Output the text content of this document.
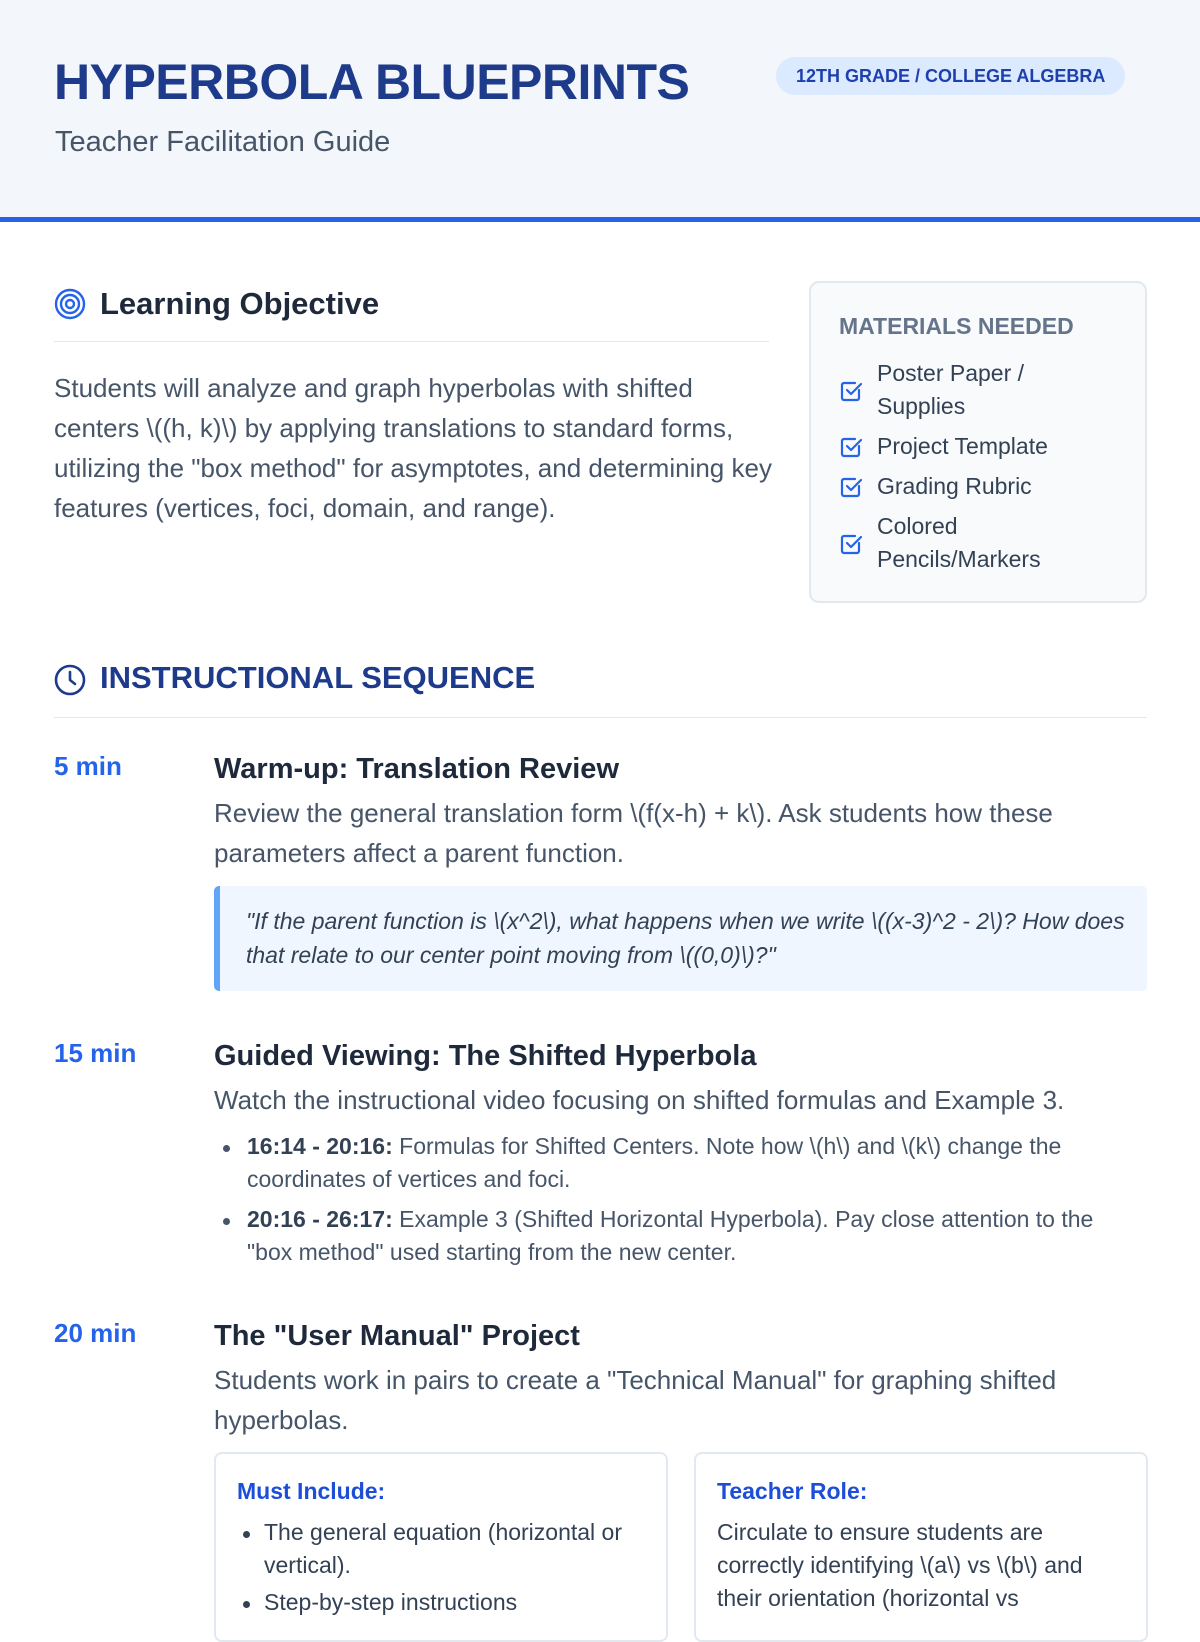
HYPERBOLA BLUEPRINTS
Teacher Facilitation Guide
12TH GRADE / COLLEGE ALGEBRA
Learning Objective

Students will analyze and graph hyperbolas with shifted centers \((h, k)\) by applying translations to standard forms, utilizing the "box method" for asymptotes, and determining key features (vertices, foci, domain, and range).

MATERIALS NEEDED
Poster Paper / Supplies
Project Template
Grading Rubric
Colored Pencils/Markers
INSTRUCTIONAL SEQUENCE
5 min	Warm-up: Translation Review

Review the general translation form \(f(x-h) + k\). Ask students how these parameters affect a parent function.

"If the parent function is \(x^2\), what happens when we write \((x-3)^2 - 2\)? How does that relate to our center point moving from \((0,0)\)?"

15 min	Guided Viewing: The Shifted Hyperbola

Watch the instructional video focusing on shifted formulas and Example 3.

16:14 - 20:16: Formulas for Shifted Centers. Note how \(h\) and \(k\) change the coordinates of vertices and foci.
20:16 - 26:17: Example 3 (Shifted Horizontal Hyperbola). Pay close attention to the "box method" used starting from the new center.
20 min	The "User Manual" Project

Students work in pairs to create a "Technical Manual" for graphing shifted hyperbolas.

Must Include:
The general equation (horizontal or vertical).
Step-by-step instructions
Teacher Role:

Circulate to ensure students are correctly identifying \(a\) vs \(b\) and their orientation (horizontal vs
